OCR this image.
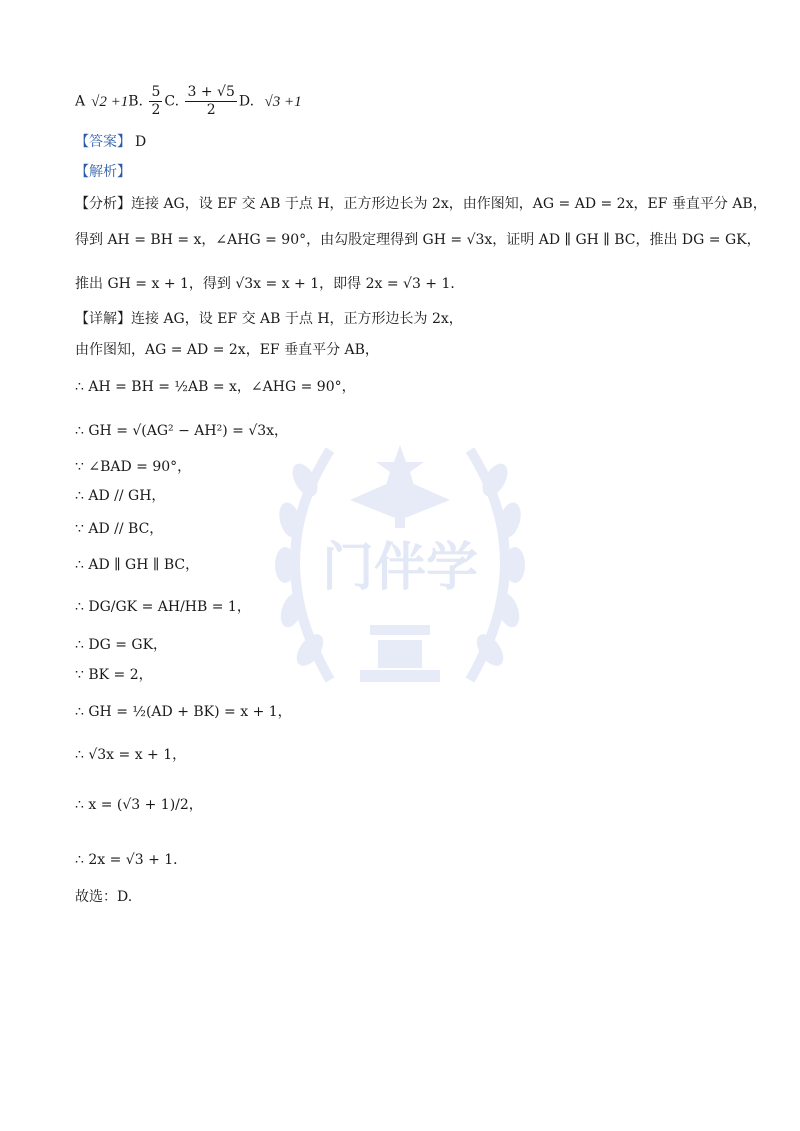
门伴学
A √2 +1B. $\frac{5}{2} C$. $\frac{3 + √5}{2} D$. √3 +1
【答案】 D
【解析】
【分析】连接 AG，设 EF 交 AB 于点 H，正方形边长为 2x，由作图知，AG = AD = 2x，EF 垂直平分 AB，
得到 AH = BH = x，∠AHG = 90°，由勾股定理得到 GH = √3x，证明 AD ∥ GH ∥ BC，推出 DG = GK，
推出 GH = x + 1，得到 √3x = x + 1，即得 2x = √3 + 1．
【详解】连接 AG，设 EF 交 AB 于点 H，正方形边长为 2x，
由作图知，AG = AD = 2x，EF 垂直平分 AB，
∴ AH = BH = ½AB = x，∠AHG = 90°，
∴ GH = √(AG² − AH²) = √3x，
∵ ∠BAD = 90°，
∴ AD // GH，
∵ AD // BC，
∴ AD ∥ GH ∥ BC，
∴ DG/GK = AH/HB = 1，
∴ DG = GK，
∵ BK = 2，
∴ GH = ½(AD + BK) = x + 1，
∴ √3x = x + 1，
∴ x = (√3 + 1)/2，
∴ 2x = √3 + 1．
故选：D.
